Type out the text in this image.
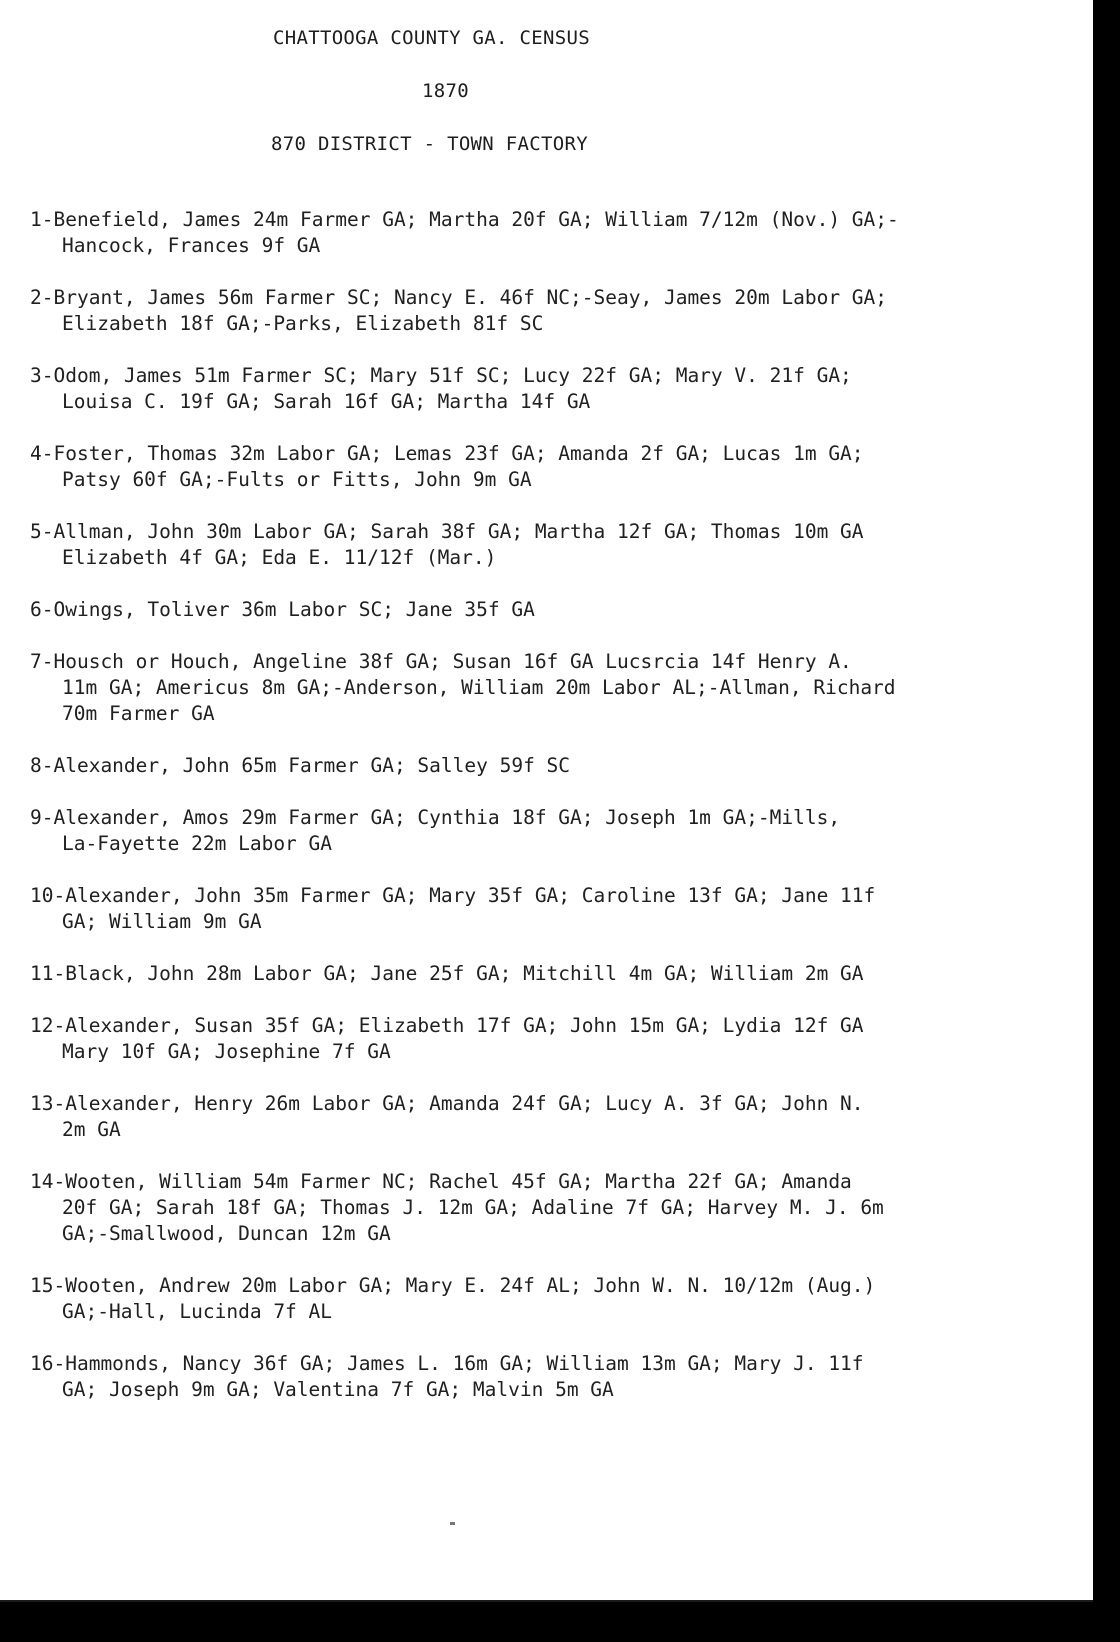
CHATTOOGA COUNTY GA. CENSUS
1870
870 DISTRICT - TOWN FACTORY
1-Benefield, James 24m Farmer GA; Martha 20f GA; William 7/12m (Nov.) GA;-
Hancock, Frances 9f GA
2-Bryant, James 56m Farmer SC; Nancy E. 46f NC;-Seay, James 20m Labor GA;
Elizabeth 18f GA;-Parks, Elizabeth 81f SC
3-Odom, James 51m Farmer SC; Mary 51f SC; Lucy 22f GA; Mary V. 21f GA;
Louisa C. 19f GA; Sarah 16f GA; Martha 14f GA
4-Foster, Thomas 32m Labor GA; Lemas 23f GA; Amanda 2f GA; Lucas 1m GA;
Patsy 60f GA;-Fults or Fitts, John 9m GA
5-Allman, John 30m Labor GA; Sarah 38f GA; Martha 12f GA; Thomas 10m GA
Elizabeth 4f GA; Eda E. 11/12f (Mar.)
6-Owings, Toliver 36m Labor SC; Jane 35f GA
7-Housch or Houch, Angeline 38f GA; Susan 16f GA Lucsrcia 14f Henry A.
11m GA; Americus 8m GA;-Anderson, William 20m Labor AL;-Allman, Richard
70m Farmer GA
8-Alexander, John 65m Farmer GA; Salley 59f SC
9-Alexander, Amos 29m Farmer GA; Cynthia 18f GA; Joseph 1m GA;-Mills,
La-Fayette 22m Labor GA
10-Alexander, John 35m Farmer GA; Mary 35f GA; Caroline 13f GA; Jane 11f
GA; William 9m GA
11-Black, John 28m Labor GA; Jane 25f GA; Mitchill 4m GA; William 2m GA
12-Alexander, Susan 35f GA; Elizabeth 17f GA; John 15m GA; Lydia 12f GA
Mary 10f GA; Josephine 7f GA
13-Alexander, Henry 26m Labor GA; Amanda 24f GA; Lucy A. 3f GA; John N.
2m GA
14-Wooten, William 54m Farmer NC; Rachel 45f GA; Martha 22f GA; Amanda
20f GA; Sarah 18f GA; Thomas J. 12m GA; Adaline 7f GA; Harvey M. J. 6m
GA;-Smallwood, Duncan 12m GA
15-Wooten, Andrew 20m Labor GA; Mary E. 24f AL; John W. N. 10/12m (Aug.)
GA;-Hall, Lucinda 7f AL
16-Hammonds, Nancy 36f GA; James L. 16m GA; William 13m GA; Mary J. 11f
GA; Joseph 9m GA; Valentina 7f GA; Malvin 5m GA
